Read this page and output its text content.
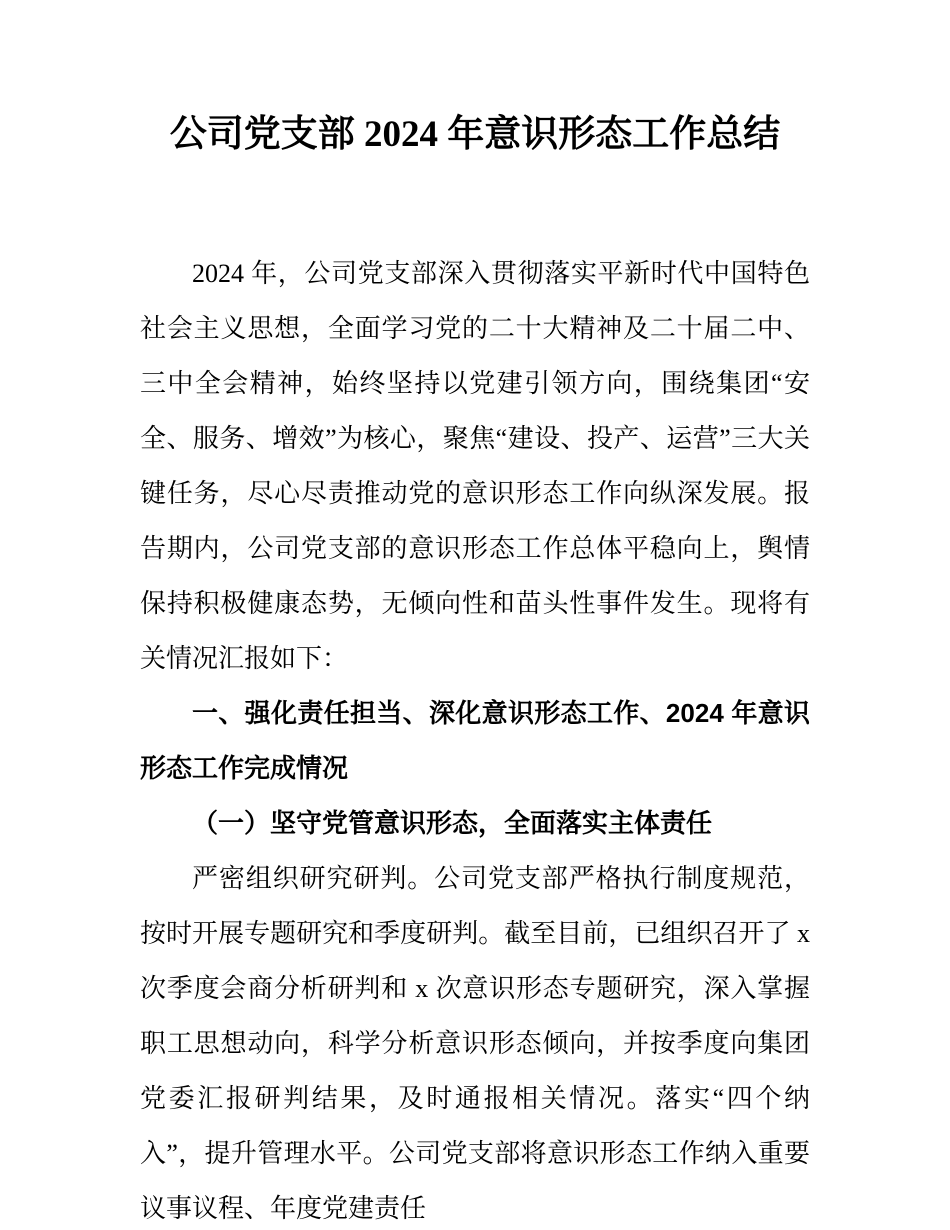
公司党支部 2024 年意识形态工作总结

2024 年，公司党支部深入贯彻落实平新时代中国特色社会主义思想，全面学习党的二十大精神及二十届二中、三中全会精神，始终坚持以党建引领方向，围绕集团“安全、服务、增效”为核心，聚焦“建设、投产、运营”三大关键任务，尽心尽责推动党的意识形态工作向纵深发展。报告期内，公司党支部的意识形态工作总体平稳向上，舆情保持积极健康态势，无倾向性和苗头性事件发生。现将有关情况汇报如下：

一、强化责任担当、深化意识形态工作、2024 年意识形态工作完成情况

（一）坚守党管意识形态，全面落实主体责任

严密组织研究研判。公司党支部严格执行制度规范，按时开展专题研究和季度研判。截至目前，已组织召开了 x 次季度会商分析研判和 x 次意识形态专题研究，深入掌握职工思想动向，科学分析意识形态倾向，并按季度向集团党委汇报研判结果，及时通报相关情况。落实“四个纳入”，提升管理水平。公司党支部将意识形态工作纳入重要议事议程、年度党建责任
